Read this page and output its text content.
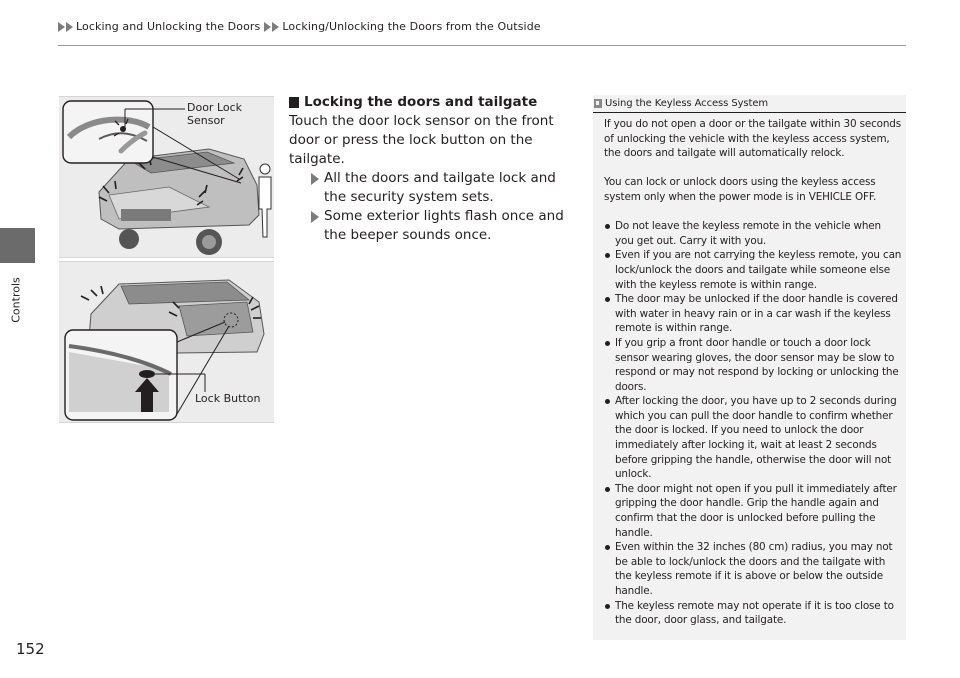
Locking and Unlocking the Doors Locking/Unlocking the Doors from the Outside
Controls
152
Door Lock
Sensor
Lock Button
Locking the doors and tailgate
Touch the door lock sensor on the front door or press the lock button on the tailgate.
All the doors and tailgate lock and the security system sets.
Some exterior lights flash once and the beeper sounds once.
Using the Keyless Access System

If you do not open a door or the tailgate within 30 seconds of unlocking the vehicle with the keyless access system, the doors and tailgate will automatically relock.

You can lock or unlock doors using the keyless access system only when the power mode is in VEHICLE OFF.

Do not leave the keyless remote in the vehicle when you get out. Carry it with you.
Even if you are not carrying the keyless remote, you can lock/unlock the doors and tailgate while someone else with the keyless remote is within range.
The door may be unlocked if the door handle is covered with water in heavy rain or in a car wash if the keyless remote is within range.
If you grip a front door handle or touch a door lock sensor wearing gloves, the door sensor may be slow to respond or may not respond by locking or unlocking the doors.
After locking the door, you have up to 2 seconds during which you can pull the door handle to confirm whether the door is locked. If you need to unlock the door immediately after locking it, wait at least 2 seconds before gripping the handle, otherwise the door will not unlock.
The door might not open if you pull it immediately after gripping the door handle. Grip the handle again and confirm that the door is unlocked before pulling the handle.
Even within the 32 inches (80 cm) radius, you may not be able to lock/unlock the doors and the tailgate with the keyless remote if it is above or below the outside handle.
The keyless remote may not operate if it is too close to the door, door glass, and tailgate.
